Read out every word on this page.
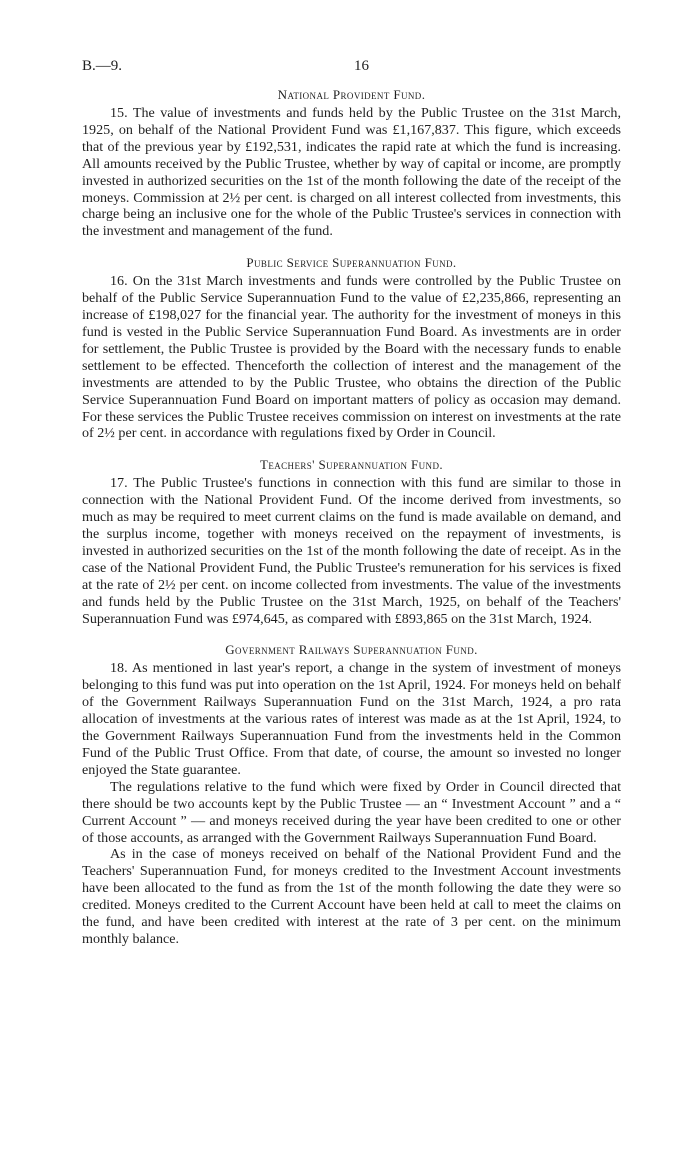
B.—9.	16
National Provident Fund.

15. The value of investments and funds held by the Public Trustee on the 31st March, 1925, on behalf of the National Provident Fund was £1,167,837. This figure, which exceeds that of the previous year by £192,531, indicates the rapid rate at which the fund is increasing. All amounts received by the Public Trustee, whether by way of capital or income, are promptly invested in authorized securities on the 1st of the month following the date of the receipt of the moneys. Commission at 2½ per cent. is charged on all interest collected from investments, this charge being an inclusive one for the whole of the Public Trustee's services in connection with the investment and management of the fund.

Public Service Superannuation Fund.

16. On the 31st March investments and funds were controlled by the Public Trustee on behalf of the Public Service Superannuation Fund to the value of £2,235,866, representing an increase of £198,027 for the financial year. The authority for the investment of moneys in this fund is vested in the Public Service Superannuation Fund Board. As investments are in order for settlement, the Public Trustee is provided by the Board with the necessary funds to enable settlement to be effected. Thenceforth the collection of interest and the management of the investments are attended to by the Public Trustee, who obtains the direction of the Public Service Superannuation Fund Board on important matters of policy as occasion may demand. For these services the Public Trustee receives commission on interest on investments at the rate of 2½ per cent. in accordance with regulations fixed by Order in Council.

Teachers' Superannuation Fund.

17. The Public Trustee's functions in connection with this fund are similar to those in connection with the National Provident Fund. Of the income derived from investments, so much as may be required to meet current claims on the fund is made available on demand, and the surplus income, together with moneys received on the repayment of investments, is invested in authorized securities on the 1st of the month following the date of receipt. As in the case of the National Provident Fund, the Public Trustee's remuneration for his services is fixed at the rate of 2½ per cent. on income collected from investments. The value of the investments and funds held by the Public Trustee on the 31st March, 1925, on behalf of the Teachers' Superannuation Fund was £974,645, as compared with £893,865 on the 31st March, 1924.

Government Railways Superannuation Fund.

18. As mentioned in last year's report, a change in the system of investment of moneys belonging to this fund was put into operation on the 1st April, 1924. For moneys held on behalf of the Government Railways Superannuation Fund on the 31st March, 1924, a pro rata allocation of investments at the various rates of interest was made as at the 1st April, 1924, to the Government Railways Superannuation Fund from the investments held in the Common Fund of the Public Trust Office. From that date, of course, the amount so invested no longer enjoyed the State guarantee.

The regulations relative to the fund which were fixed by Order in Council directed that there should be two accounts kept by the Public Trustee — an “ Investment Account ” and a “ Current Account ” — and moneys received during the year have been credited to one or other of those accounts, as arranged with the Government Railways Superannuation Fund Board.

As in the case of moneys received on behalf of the National Provident Fund and the Teachers' Superannuation Fund, for moneys credited to the Investment Account investments have been allocated to the fund as from the 1st of the month following the date they were so credited. Moneys credited to the Current Account have been held at call to meet the claims on the fund, and have been credited with interest at the rate of 3 per cent. on the minimum monthly balance.
